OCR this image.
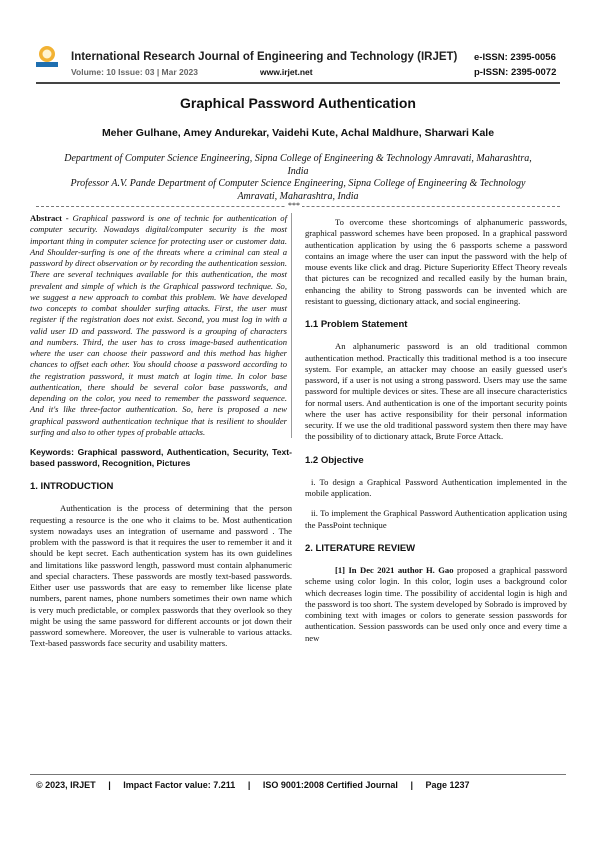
International Research Journal of Engineering and Technology (IRJET) e-ISSN: 2395-0056
Volume: 10 Issue: 03 | Mar 2023	www.irjet.net	p-ISSN: 2395-0072
Graphical Password Authentication
Meher Gulhane, Amey Andurekar, Vaidehi Kute, Achal Maldhure, Sharwari Kale
Department of Computer Science Engineering, Sipna College of Engineering & Technology Amravati, Maharashtra, India
Professor A.V. Pande Department of Computer Science Engineering, Sipna College of Engineering & Technology Amravati, Maharashtra, India
***

Abstract - Graphical password is one of technic for authentication of computer security. Nowadays digital/computer security is the most important thing in computer science for protecting user or customer data. And Shoulder-surfing is one of the threats where a criminal can steal a password by direct observation or by recording the authentication session. There are several techniques available for this authentication, the most prevalent and simple of which is the Graphical password technique. So, we suggest a new approach to combat this problem. We have developed two concepts to combat shoulder surfing attacks. First, the user must register if the registration does not exist. Second, you must log in with a valid user ID and password. The password is a grouping of characters and numbers. Third, the user has to cross image-based authentication where the user can choose their password and this method has higher chances to offset each other. You should choose a password according to the registration password, it must match at login time. In color base authentication, there should be several color base passwords, and depending on the color, you need to remember the password sequence. And it's like three-factor authentication. So, here is proposed a new graphical password authentication technique that is resilient to shoulder surfing and also to other types of probable attacks.

Keywords: Graphical password, Authentication, Security, Text-based password, Recognition, Pictures

1. INTRODUCTION

Authentication is the process of determining that the person requesting a resource is the one who it claims to be. Most authentication system nowadays uses an integration of username and password . The problem with the password is that it requires the user to remember it and it should be kept secret. Each authentication system has its own guidelines and limitations like password length, password must contain alphanumeric and special characters. These passwords are mostly text-based passwords. Either user use passwords that are easy to remember like license plate numbers, parent names, phone numbers sometimes their own name which is very much predictable, or complex passwords that they overlook so they might be using the same password for different accounts or jot down their password somewhere. Moreover, the user is vulnerable to various attacks. Text-based passwords face security and usability matters.

To overcome these shortcomings of alphanumeric passwords, graphical password schemes have been proposed. In a graphical password authentication application by using the 6 passports scheme a password contains an image where the user can input the password with the help of mouse events like click and drag. Picture Superiority Effect Theory reveals that pictures can be recognized and recalled easily by the human brain, enhancing the ability to Strong passwords can be invented which are resistant to guessing, dictionary attack, and social engineering.

1.1 Problem Statement

An alphanumeric password is an old traditional common authentication method. Practically this traditional method is a too insecure system. For example, an attacker may choose an easily guessed user's password, if a user is not using a strong password. Users may use the same password for multiple devices or sites. These are all insecure characteristics for normal users. And authentication is one of the important security points where the user has active responsibility for their personal information security. If we use the old traditional password system then there may have the possibility of to dictionary attack, Brute Force Attack.

1.2 Objective

i. To design a Graphical Password Authentication implemented in the mobile application.

ii. To implement the Graphical Password Authentication application using the PassPoint technique

2. LITERATURE REVIEW

[1] In Dec 2021 author H. Gao proposed a graphical password scheme using color login. In this color, login uses a background color which decreases login time. The possibility of accidental login is high and the password is too short. The system developed by Sobrado is improved by combining text with images or colors to generate session passwords for authentication. Session passwords can be used only once and every time a new

© 2023, IRJET | Impact Factor value: 7.211 | ISO 9001:2008 Certified Journal | Page 1237
